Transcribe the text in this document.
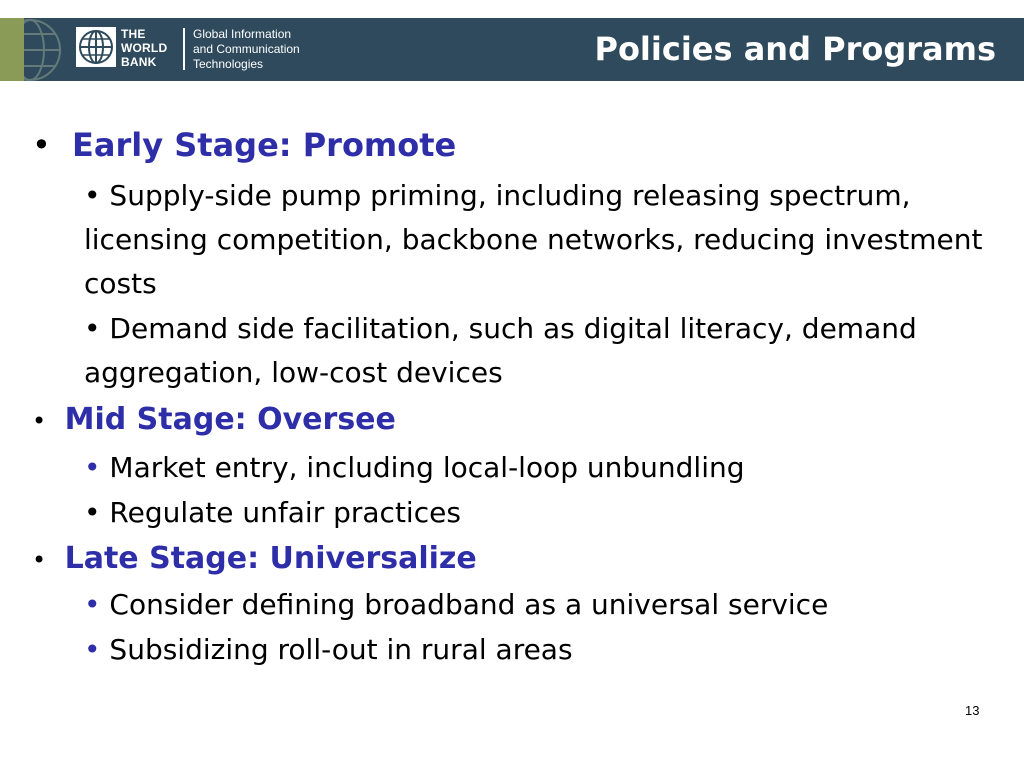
THE
WORLD
BANK
Global Information
and Communication
Technologies	Policies and Programs
• Early Stage: Promote
• Supply-side pump priming, including releasing spectrum, licensing competition, backbone networks, reducing investment costs
• Demand side facilitation, such as digital literacy, demand aggregation, low-cost devices
• Mid Stage: Oversee
• Market entry, including local-loop unbundling
• Regulate unfair practices
• Late Stage: Universalize
• Consider defining broadband as a universal service
• Subsidizing roll-out in rural areas
13
